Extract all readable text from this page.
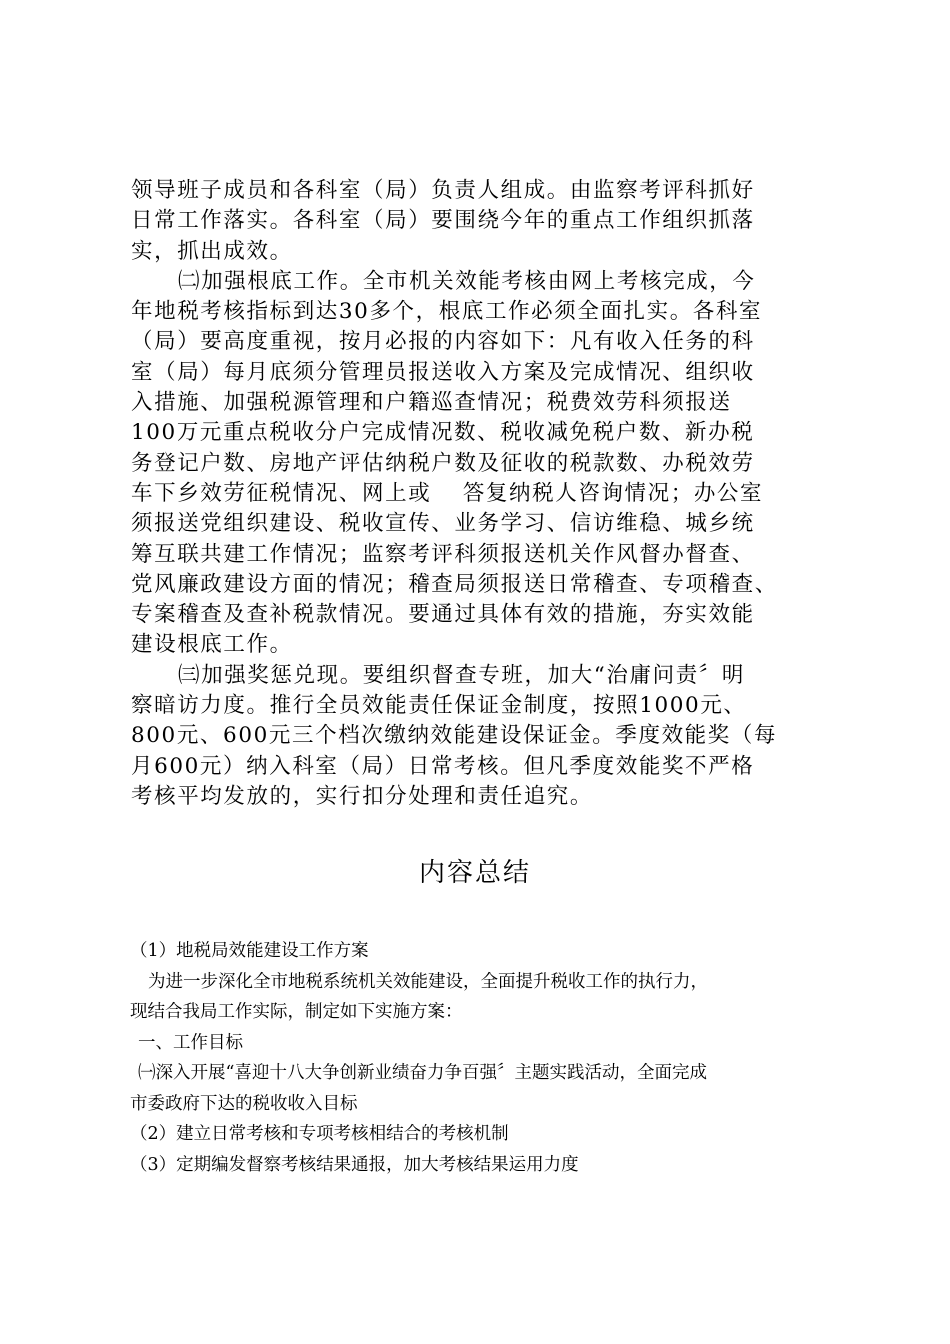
领导班子成员和各科室（局）负责人组成。由监察考评科抓好
日常工作落实。各科室（局）要围绕今年的重点工作组织抓落
实，抓出成效。

㈡加强根底工作。全市机关效能考核由网上考核完成，今
年地税考核指标到达30多个，根底工作必须全面扎实。各科室
（局）要高度重视，按月必报的内容如下：凡有收入任务的科
室（局）每月底须分管理员报送收入方案及完成情况、组织收
入措施、加强税源管理和户籍巡查情况；税费效劳科须报送
100万元重点税收分户完成情况数、税收减免税户数、新办税
务登记户数、房地产评估纳税户数及征收的税款数、办税效劳
车下乡效劳征税情况、网上或　 答复纳税人咨询情况；办公室
须报送党组织建设、税收宣传、业务学习、信访维稳、城乡统
筹互联共建工作情况；监察考评科须报送机关作风督办督查、
党风廉政建设方面的情况；稽查局须报送日常稽查、专项稽查、
专案稽查及查补税款情况。要通过具体有效的措施，夯实效能
建设根底工作。

㈢加强奖惩兑现。要组织督查专班，加大“治庸问责〞明
察暗访力度。推行全员效能责任保证金制度，按照1000元、
800元、600元三个档次缴纳效能建设保证金。季度效能奖（每
月600元）纳入科室（局）日常考核。但凡季度效能奖不严格
考核平均发放的，实行扣分处理和责任追究。

内容总结

（1）地税局效能建设工作方案

为进一步深化全市地税系统机关效能建设，全面提升税收工作的执行力，

现结合我局工作实际，制定如下实施方案：

一、工作目标

㈠深入开展“喜迎十八大争创新业绩奋力争百强〞主题实践活动，全面完成

市委政府下达的税收收入目标

（2）建立日常考核和专项考核相结合的考核机制

（3）定期编发督察考核结果通报，加大考核结果运用力度
